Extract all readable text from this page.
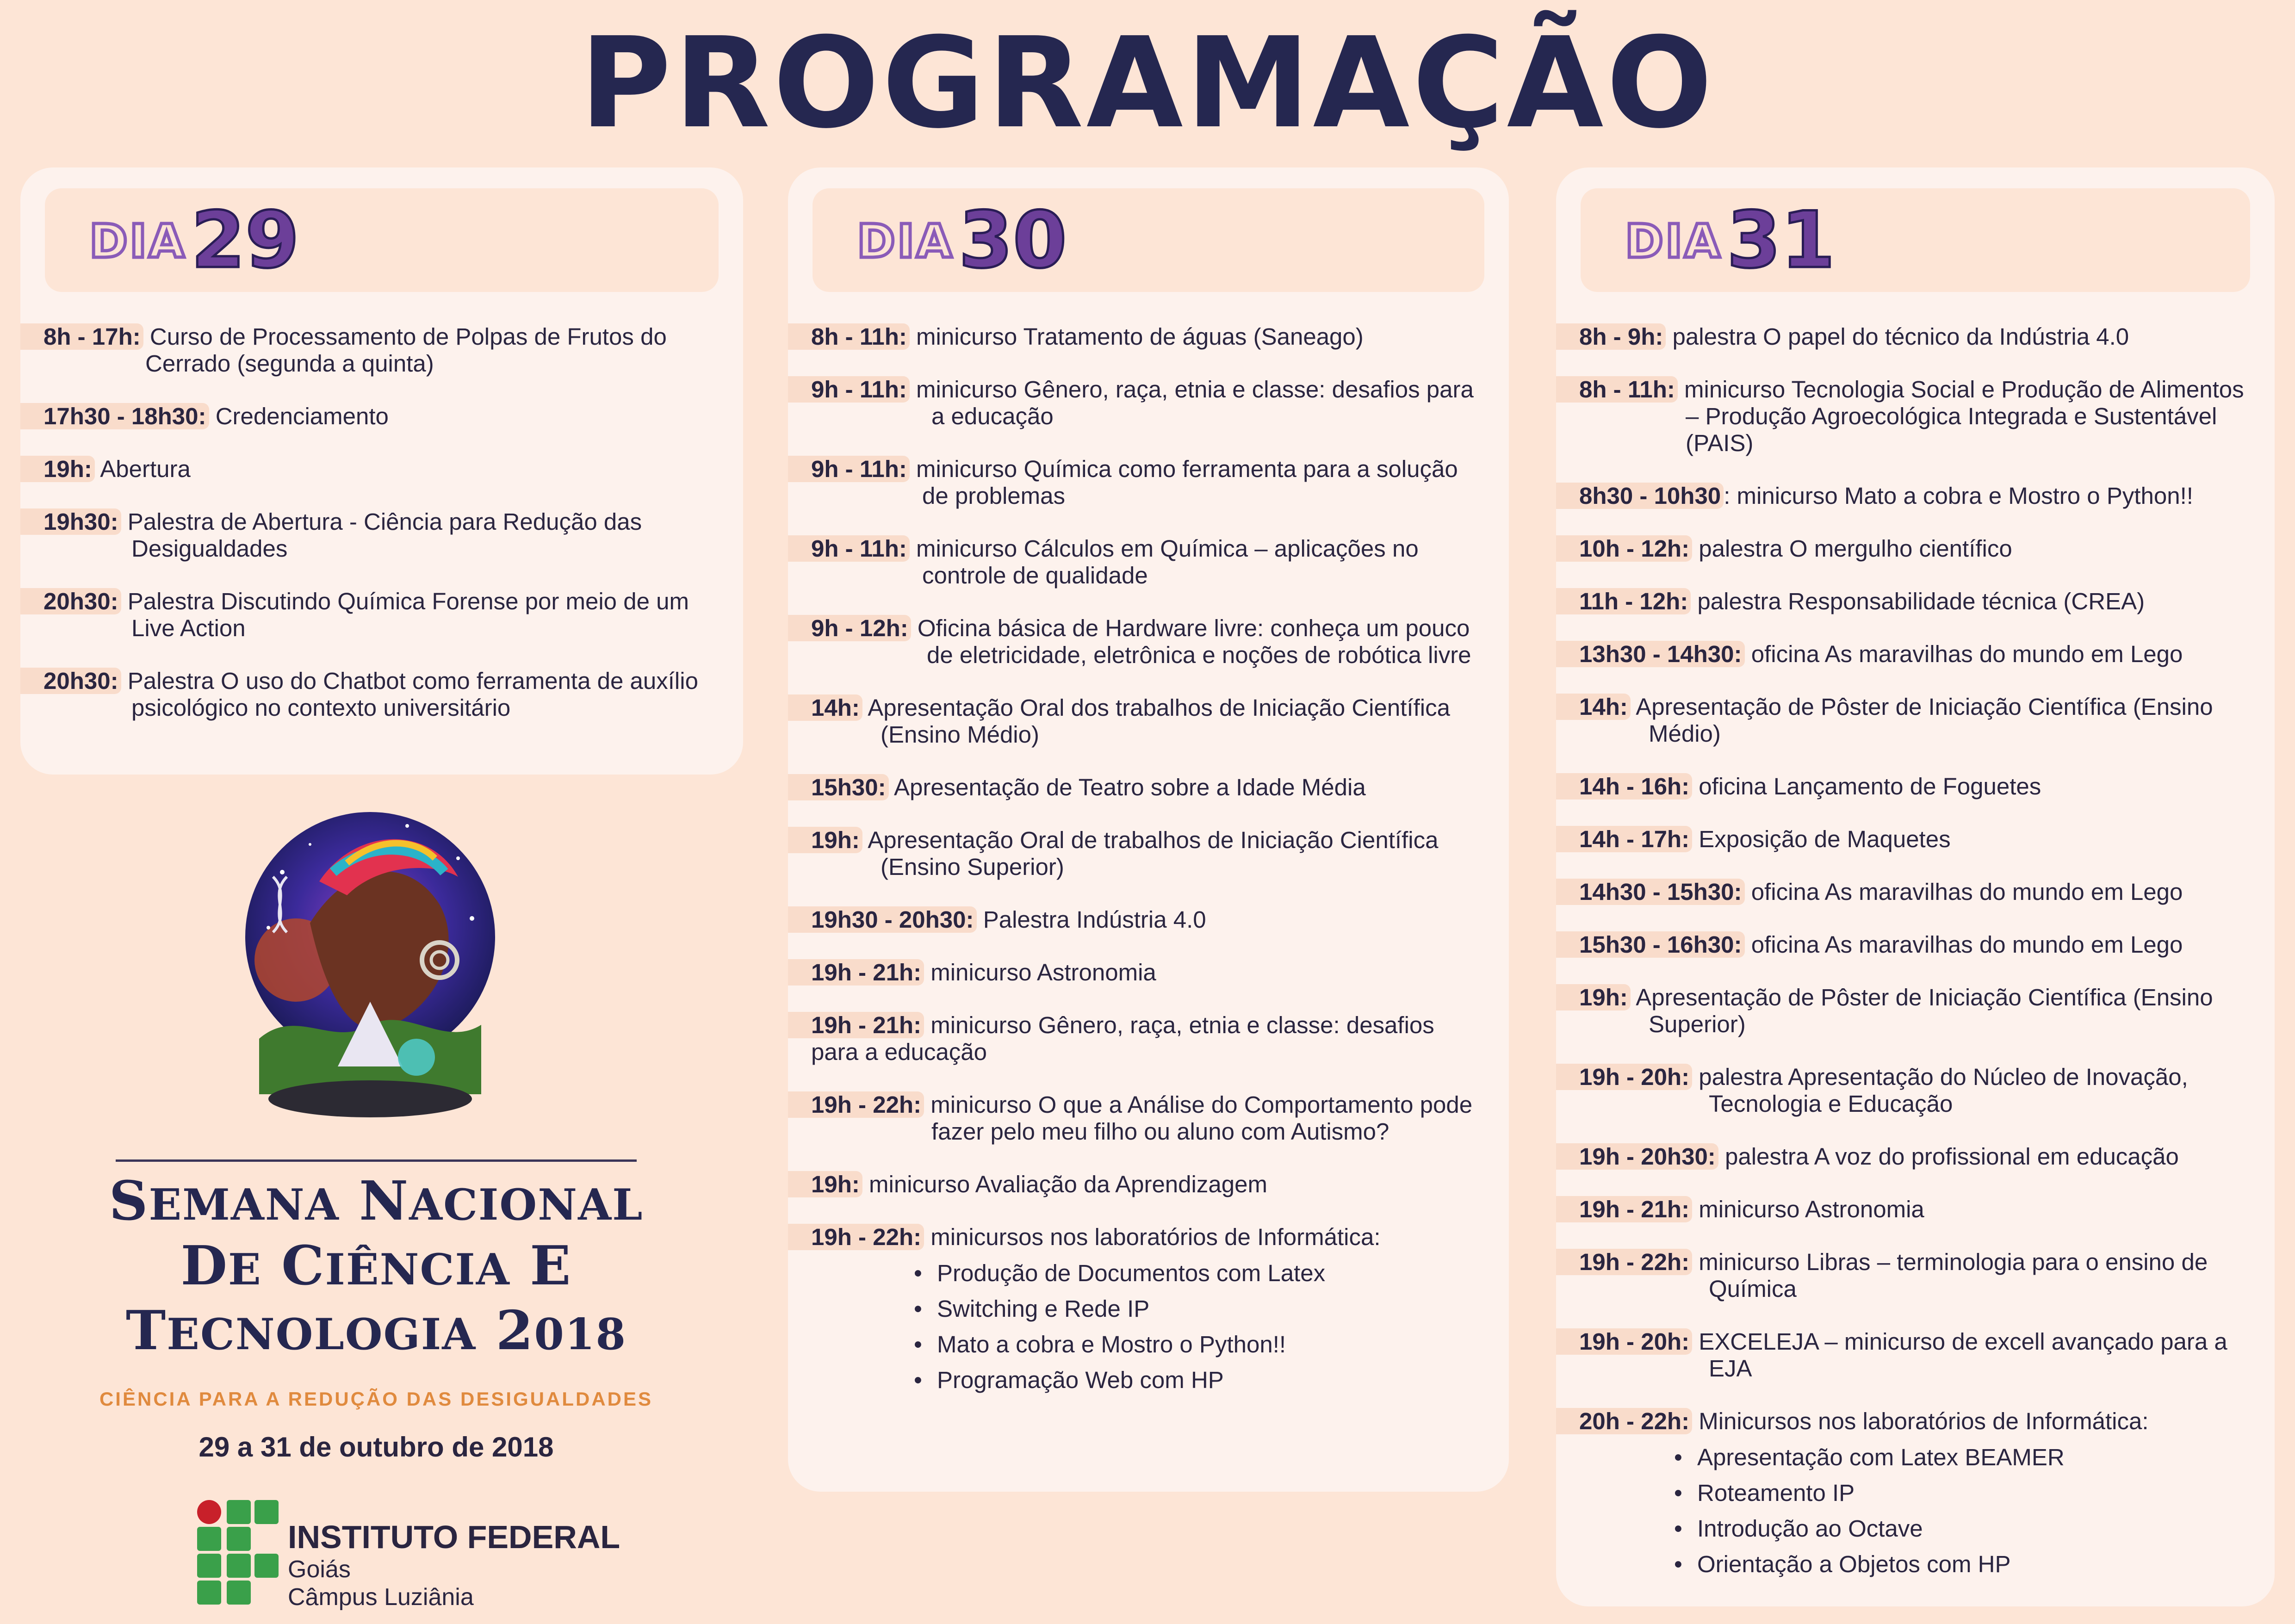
PROGRAMAÇÃO
DIA 29
8h - 17h: Curso de Processamento de Polpas de Frutos do Cerrado (segunda a quinta)
17h30 - 18h30: Credenciamento
19h: Abertura
19h30: Palestra de Abertura - Ciência para Redução das Desigualdades
20h30: Palestra Discutindo Química Forense por meio de um Live Action
20h30: Palestra O uso do Chatbot como ferramenta de auxílio psicológico no contexto universitário
DIA 30
8h - 11h: minicurso Tratamento de águas (Saneago)
9h - 11h: minicurso Gênero, raça, etnia e classe: desafios para a educação
9h - 11h: minicurso Química como ferramenta para a solução de problemas
9h - 11h: minicurso Cálculos em Química – aplicações no controle de qualidade
9h - 12h: Oficina básica de Hardware livre: conheça um pouco de eletricidade, eletrônica e noções de robótica livre
14h: Apresentação Oral dos trabalhos de Iniciação Científica (Ensino Médio)
15h30: Apresentação de Teatro sobre a Idade Média
19h: Apresentação Oral de trabalhos de Iniciação Científica (Ensino Superior)
19h30 - 20h30: Palestra Indústria 4.0
19h - 21h: minicurso Astronomia
19h - 21h: minicurso Gênero, raça, etnia e classe: desafios para a educação
19h - 22h: minicurso O que a Análise do Comportamento pode fazer pelo meu filho ou aluno com Autismo?
19h: minicurso Avaliação da Aprendizagem
19h - 22h: minicursos nos laboratórios de Informática:
• Produção de Documentos com Latex
• Switching e Rede IP
• Mato a cobra e Mostro o Python!!
• Programação Web com HP
DIA 31
8h - 9h: palestra O papel do técnico da Indústria 4.0
8h - 11h: minicurso Tecnologia Social e Produção de Alimentos – Produção Agroecológica Integrada e Sustentável (PAIS)
8h30 - 10h30 : minicurso Mato a cobra e Mostro o Python!!
10h - 12h: palestra O mergulho científico
11h - 12h: palestra Responsabilidade técnica (CREA)
13h30 - 14h30: oficina As maravilhas do mundo em Lego
14h: Apresentação de Pôster de Iniciação Científica (Ensino Médio)
14h - 16h: oficina Lançamento de Foguetes
14h - 17h: Exposição de Maquetes
14h30 - 15h30: oficina As maravilhas do mundo em Lego
15h30 - 16h30: oficina As maravilhas do mundo em Lego
19h: Apresentação de Pôster de Iniciação Científica (Ensino Superior)
19h - 20h: palestra Apresentação do Núcleo de Inovação, Tecnologia e Educação
19h - 20h30: palestra A voz do profissional em educação
19h - 21h: minicurso Astronomia
19h - 22h: minicurso Libras – terminologia para o ensino de Química
19h - 20h: EXCELEJA – minicurso de excell avançado para a EJA
20h - 22h: Minicursos nos laboratórios de Informática:
• Apresentação com Latex BEAMER
• Roteamento IP
• Introdução ao Octave
• Orientação a Objetos com HP
SEMANA NACIONAL
DE CIÊNCIA E
TECNOLOGIA 2018
CIÊNCIA PARA A REDUÇÃO DAS DESIGUALDADES
29 a 31 de outubro de 2018
INSTITUTO FEDERAL
Goiás
Câmpus Luziânia
